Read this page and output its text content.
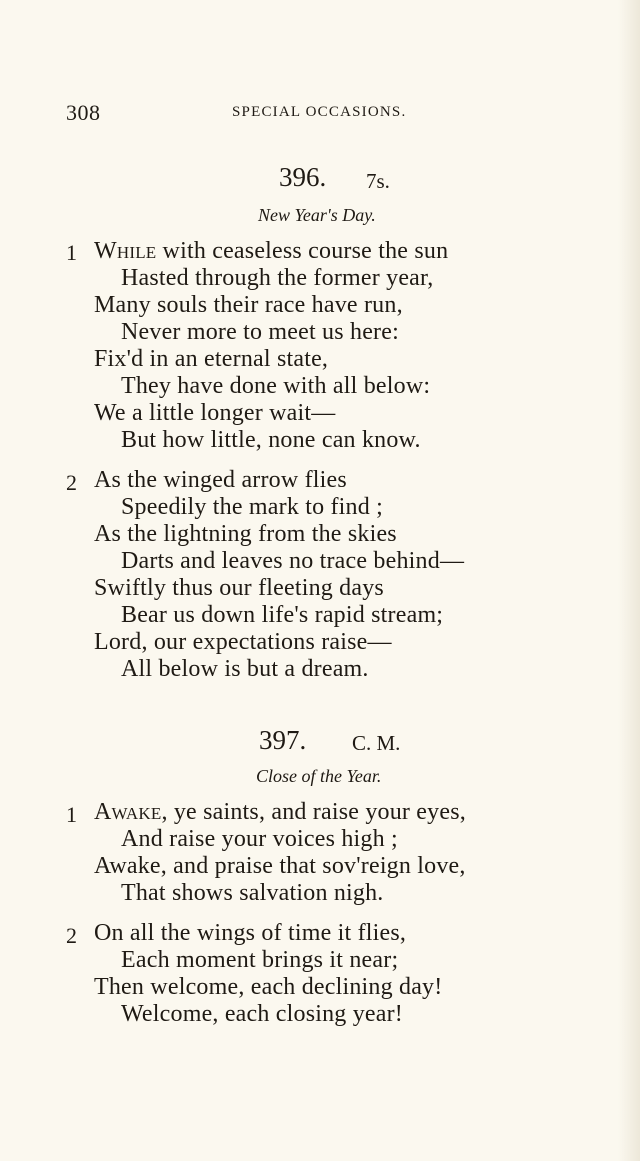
308	SPECIAL OCCASIONS.
396. 7s.
New Year's Day.
1 While with ceaseless course the sun
Hasted through the former year,
Many souls their race have run,
Never more to meet us here:
Fix'd in an eternal state,
They have done with all below:
We a little longer wait—
But how little, none can know.
2 As the winged arrow flies
Speedily the mark to find ;
As the lightning from the skies
Darts and leaves no trace behind—
Swiftly thus our fleeting days
Bear us down life's rapid stream;
Lord, our expectations raise—
All below is but a dream.
397. C. M.
Close of the Year.
1 Awake, ye saints, and raise your eyes,
And raise your voices high ;
Awake, and praise that sov'reign love,
That shows salvation nigh.
2 On all the wings of time it flies,
Each moment brings it near;
Then welcome, each declining day!
Welcome, each closing year!
